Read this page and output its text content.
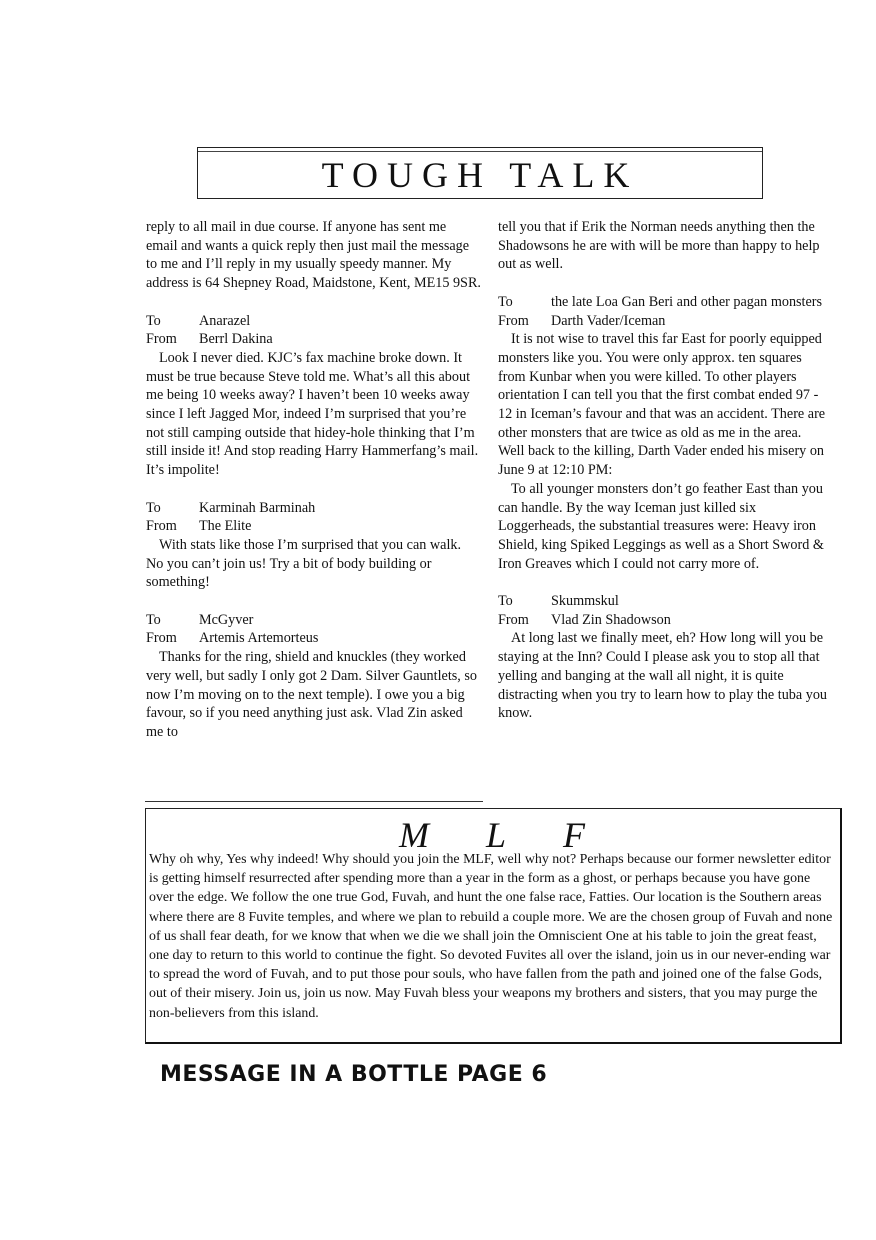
TOUGH TALK

reply to all mail in due course. If anyone has sent me email and wants a quick reply then just mail the message to me and I’ll reply in my usually speedy manner. My address is 64 Shepney Road, Maidstone, Kent, ME15 9SR.

To	Anarazel
From	Berrl Dakina

Look I never died. KJC’s fax machine broke down. It must be true because Steve told me. What’s all this about me being 10 weeks away? I haven’t been 10 weeks away since I left Jagged Mor, indeed I’m surprised that you’re not still camping outside that hidey-hole thinking that I’m still inside it! And stop reading Harry Hammerfang’s mail. It’s impolite!

To	Karminah Barminah
From	The Elite

With stats like those I’m surprised that you can walk. No you can’t join us! Try a bit of body building or something!

To	McGyver
From	Artemis Artemorteus

Thanks for the ring, shield and knuckles (they worked very well, but sadly I only got 2 Dam. Silver Gauntlets, so now I’m moving on to the next temple). I owe you a big favour, so if you need anything just ask. Vlad Zin asked me to

tell you that if Erik the Norman needs anything then the Shadowsons he are with will be more than happy to help out as well.

To	the late Loa Gan Beri and other pagan monsters
From	Darth Vader/Iceman

It is not wise to travel this far East for poorly equipped monsters like you. You were only approx. ten squares from Kunbar when you were killed. To other players orientation I can tell you that the first combat ended 97 - 12 in Iceman’s favour and that was an accident. There are other monsters that are twice as old as me in the area. Well back to the killing, Darth Vader ended his misery on June 9 at 12:10 PM:

To all younger monsters don’t go feather East than you can handle. By the way Iceman just killed six Loggerheads, the substantial treasures were: Heavy iron Shield, king Spiked Leggings as well as a Short Sword & Iron Greaves which I could not carry more of.

To	Skummskul
From	Vlad Zin Shadowson

At long last we finally meet, eh? How long will you be staying at the Inn? Could I please ask you to stop all that yelling and banging at the wall all night, it is quite distracting when you try to learn how to play the tuba you know.

M L F

Why oh why, Yes why indeed! Why should you join the MLF, well why not? Perhaps because our former newsletter editor is getting himself resurrected after spending more than a year in the form as a ghost, or perhaps because you have gone over the edge. We follow the one true God, Fuvah, and hunt the one false race, Fatties. Our location is the Southern areas where there are 8 Fuvite temples, and where we plan to rebuild a couple more. We are the chosen group of Fuvah and none of us shall fear death, for we know that when we die we shall join the Omniscient One at his table to join the great feast, one day to return to this world to continue the fight. So devoted Fuvites all over the island, join us in our never-ending war to spread the word of Fuvah, and to put those pour souls, who have fallen from the path and joined one of the false Gods, out of their misery. Join us, join us now. May Fuvah bless your weapons my brothers and sisters, that you may purge the non-believers from this island.

MESSAGE IN A BOTTLE PAGE 6
